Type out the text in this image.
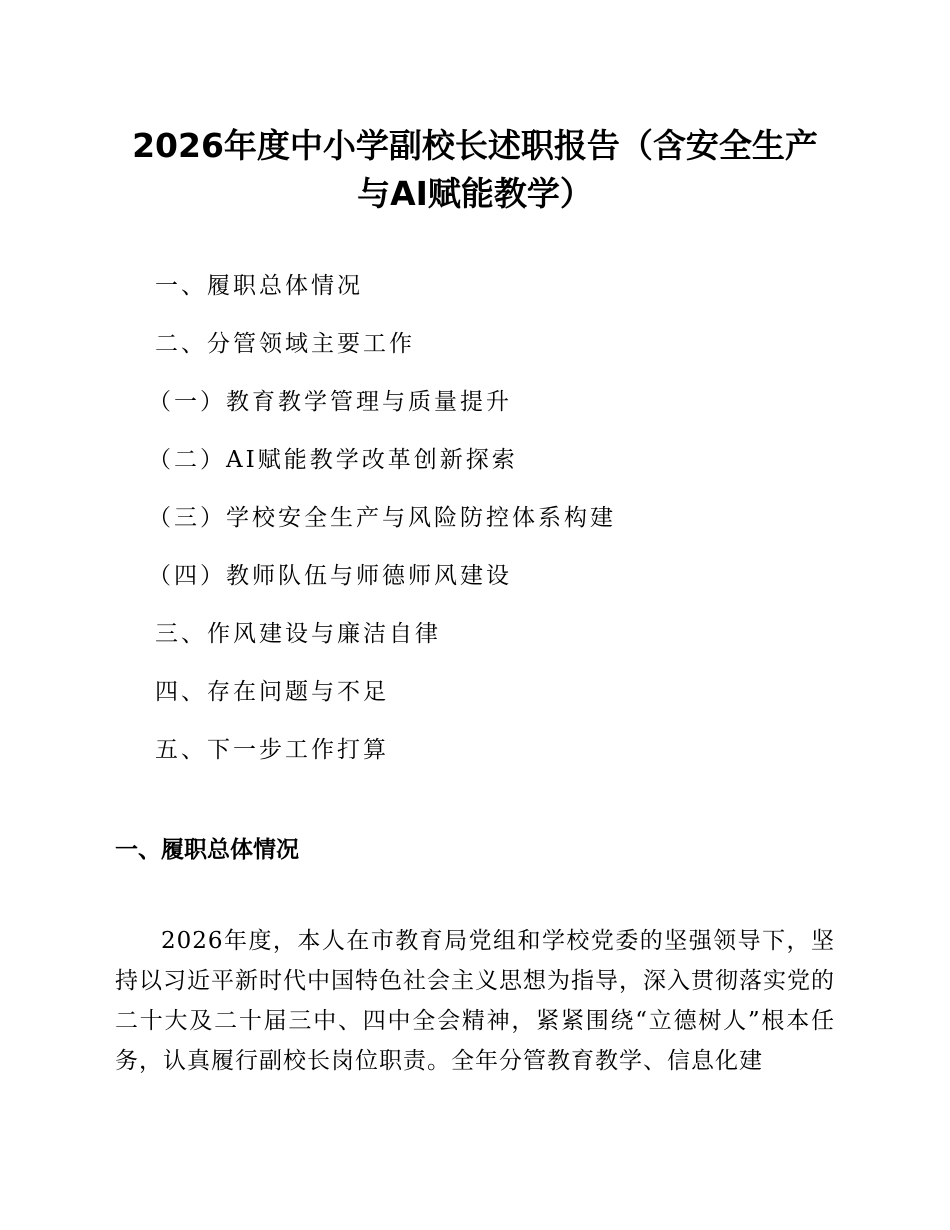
2026年度中小学副校长述职报告（含安全生产
与AI赋能教学）
一、履职总体情况
二、分管领域主要工作
（一）教育教学管理与质量提升
（二）AI赋能教学改革创新探索
（三）学校安全生产与风险防控体系构建
（四）教师队伍与师德师风建设
三、作风建设与廉洁自律
四、存在问题与不足
五、下一步工作打算
一、履职总体情况

2026年度，本人在市教育局党组和学校党委的坚强领导下，坚持以习近平新时代中国特色社会主义思想为指导，深入贯彻落实党的二十大及二十届三中、四中全会精神，紧紧围绕“立德树人”根本任务，认真履行副校长岗位职责。全年分管教育教学、信息化建
